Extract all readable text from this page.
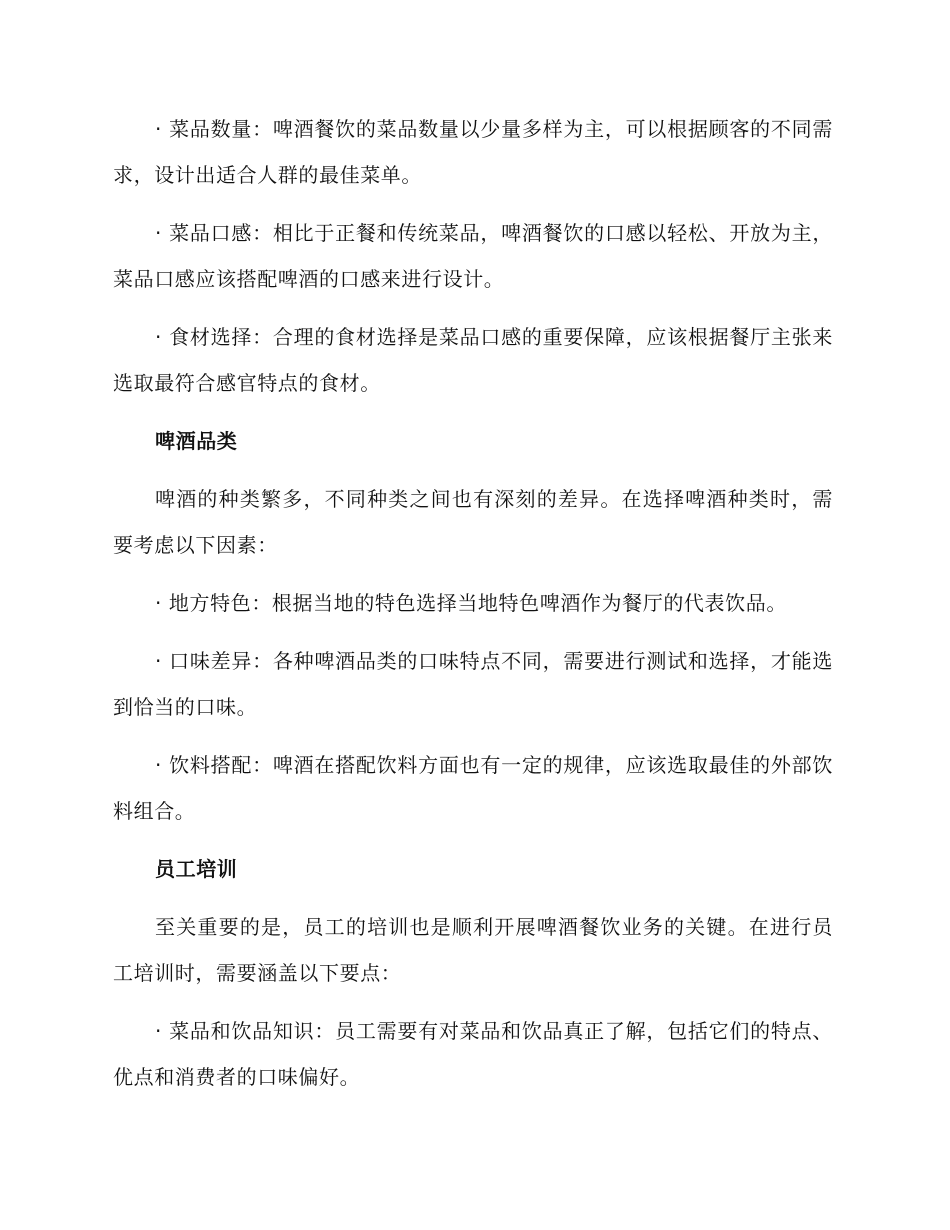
· 菜品数量：啤酒餐饮的菜品数量以少量多样为主，可以根据顾客的不同需求，设计出适合人群的最佳菜单。

· 菜品口感：相比于正餐和传统菜品，啤酒餐饮的口感以轻松、开放为主，菜品口感应该搭配啤酒的口感来进行设计。

· 食材选择：合理的食材选择是菜品口感的重要保障，应该根据餐厅主张来选取最符合感官特点的食材。

啤酒品类

啤酒的种类繁多，不同种类之间也有深刻的差异。在选择啤酒种类时，需要考虑以下因素：

· 地方特色：根据当地的特色选择当地特色啤酒作为餐厅的代表饮品。

· 口味差异：各种啤酒品类的口味特点不同，需要进行测试和选择，才能选到恰当的口味。

· 饮料搭配：啤酒在搭配饮料方面也有一定的规律，应该选取最佳的外部饮料组合。

员工培训

至关重要的是，员工的培训也是顺利开展啤酒餐饮业务的关键。在进行员工培训时，需要涵盖以下要点：

· 菜品和饮品知识：员工需要有对菜品和饮品真正了解，包括它们的特点、优点和消费者的口味偏好。
